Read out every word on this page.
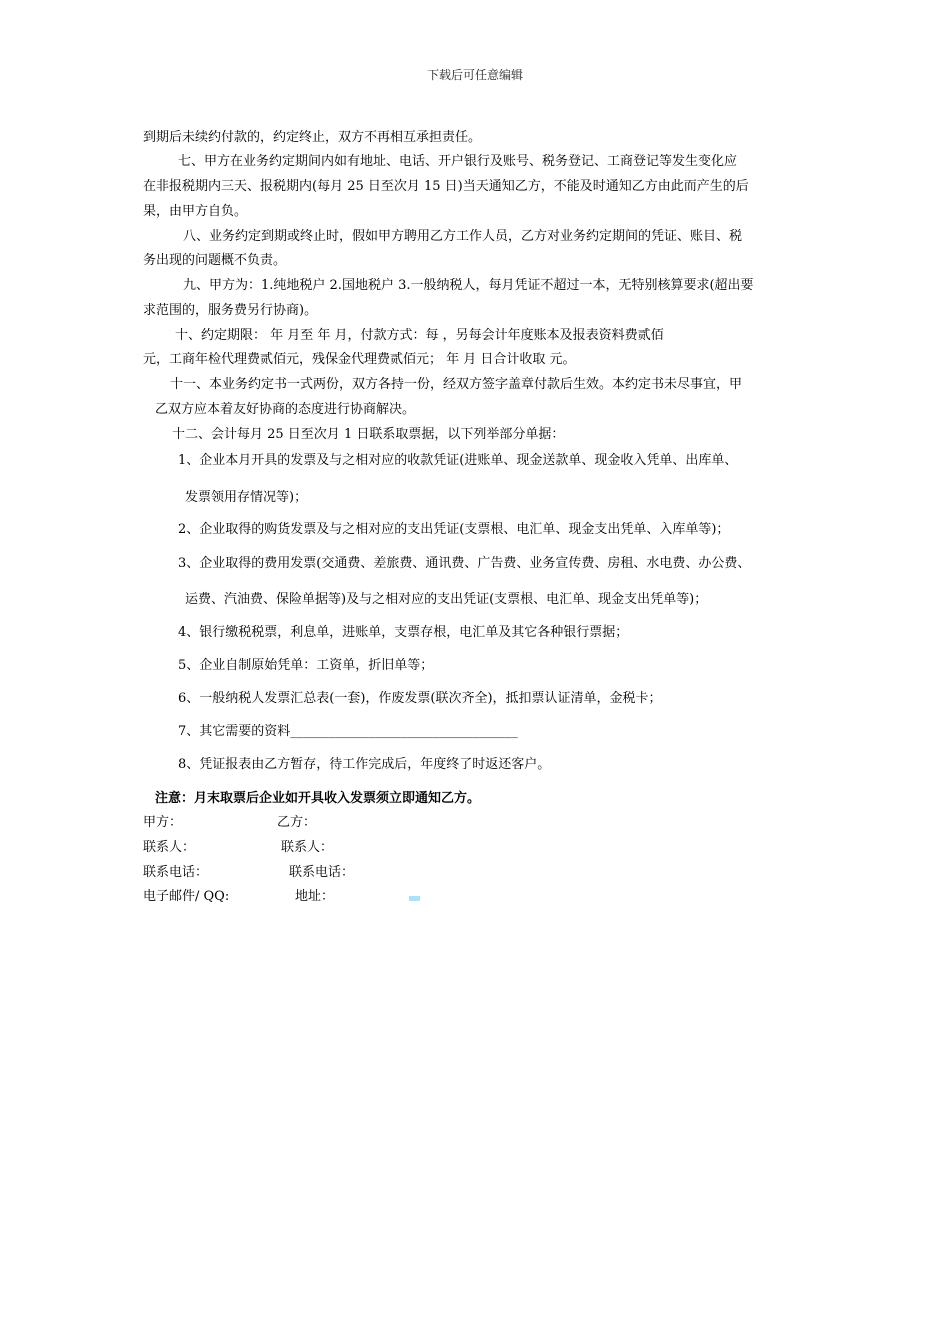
下载后可任意编辑
到期后未续约付款的，约定终止，双方不再相互承担责任。
七、甲方在业务约定期间内如有地址、电话、开户银行及账号、税务登记、工商登记等发生变化应
在非报税期内三天、报税期内(每月 25 日至次月 15 日)当天通知乙方，不能及时通知乙方由此而产生的后
果，由甲方自负。
八、业务约定到期或终止时，假如甲方聘用乙方工作人员，乙方对业务约定期间的凭证、账目、税
务出现的问题概不负责。
九、甲方为：1.纯地税户 2.国地税户 3.一般纳税人，每月凭证不超过一本，无特别核算要求(超出要
求范围的，服务费另行协商)。
十、约定期限： 年 月至 年 月，付款方式：每 ，另每会计年度账本及报表资料费贰佰
元，工商年检代理费贰佰元，残保金代理费贰佰元； 年 月 日合计收取 元。
十一、本业务约定书一式两份，双方各持一份，经双方签字盖章付款后生效。本约定书未尽事宜，甲
乙双方应本着友好协商的态度进行协商解决。
十二、会计每月 25 日至次月 1 日联系取票据，以下列举部分单据：
1、企业本月开具的发票及与之相对应的收款凭证(进账单、现金送款单、现金收入凭单、出库单、
发票领用存情况等)；
2、企业取得的购货发票及与之相对应的支出凭证(支票根、电汇单、现金支出凭单、入库单等)；
3、企业取得的费用发票(交通费、差旅费、通讯费、广告费、业务宣传费、房租、水电费、办公费、
运费、汽油费、保险单据等)及与之相对应的支出凭证(支票根、电汇单、现金支出凭单等)；
4、银行缴税税票，利息单，进账单，支票存根，电汇单及其它各种银行票据；
5、企业自制原始凭单：工资单，折旧单等；
6、一般纳税人发票汇总表(一套)，作废发票(联次齐全)，抵扣票认证清单，金税卡；
7、其它需要的资料___________________________________
8、凭证报表由乙方暂存，待工作完成后，年度终了时返还客户。
注意：月末取票后企业如开具收入发票须立即通知乙方。
甲方：	乙方：
联系人：	联系人：
联系电话：	联系电话：
电子邮件/ QQ:	地址：
